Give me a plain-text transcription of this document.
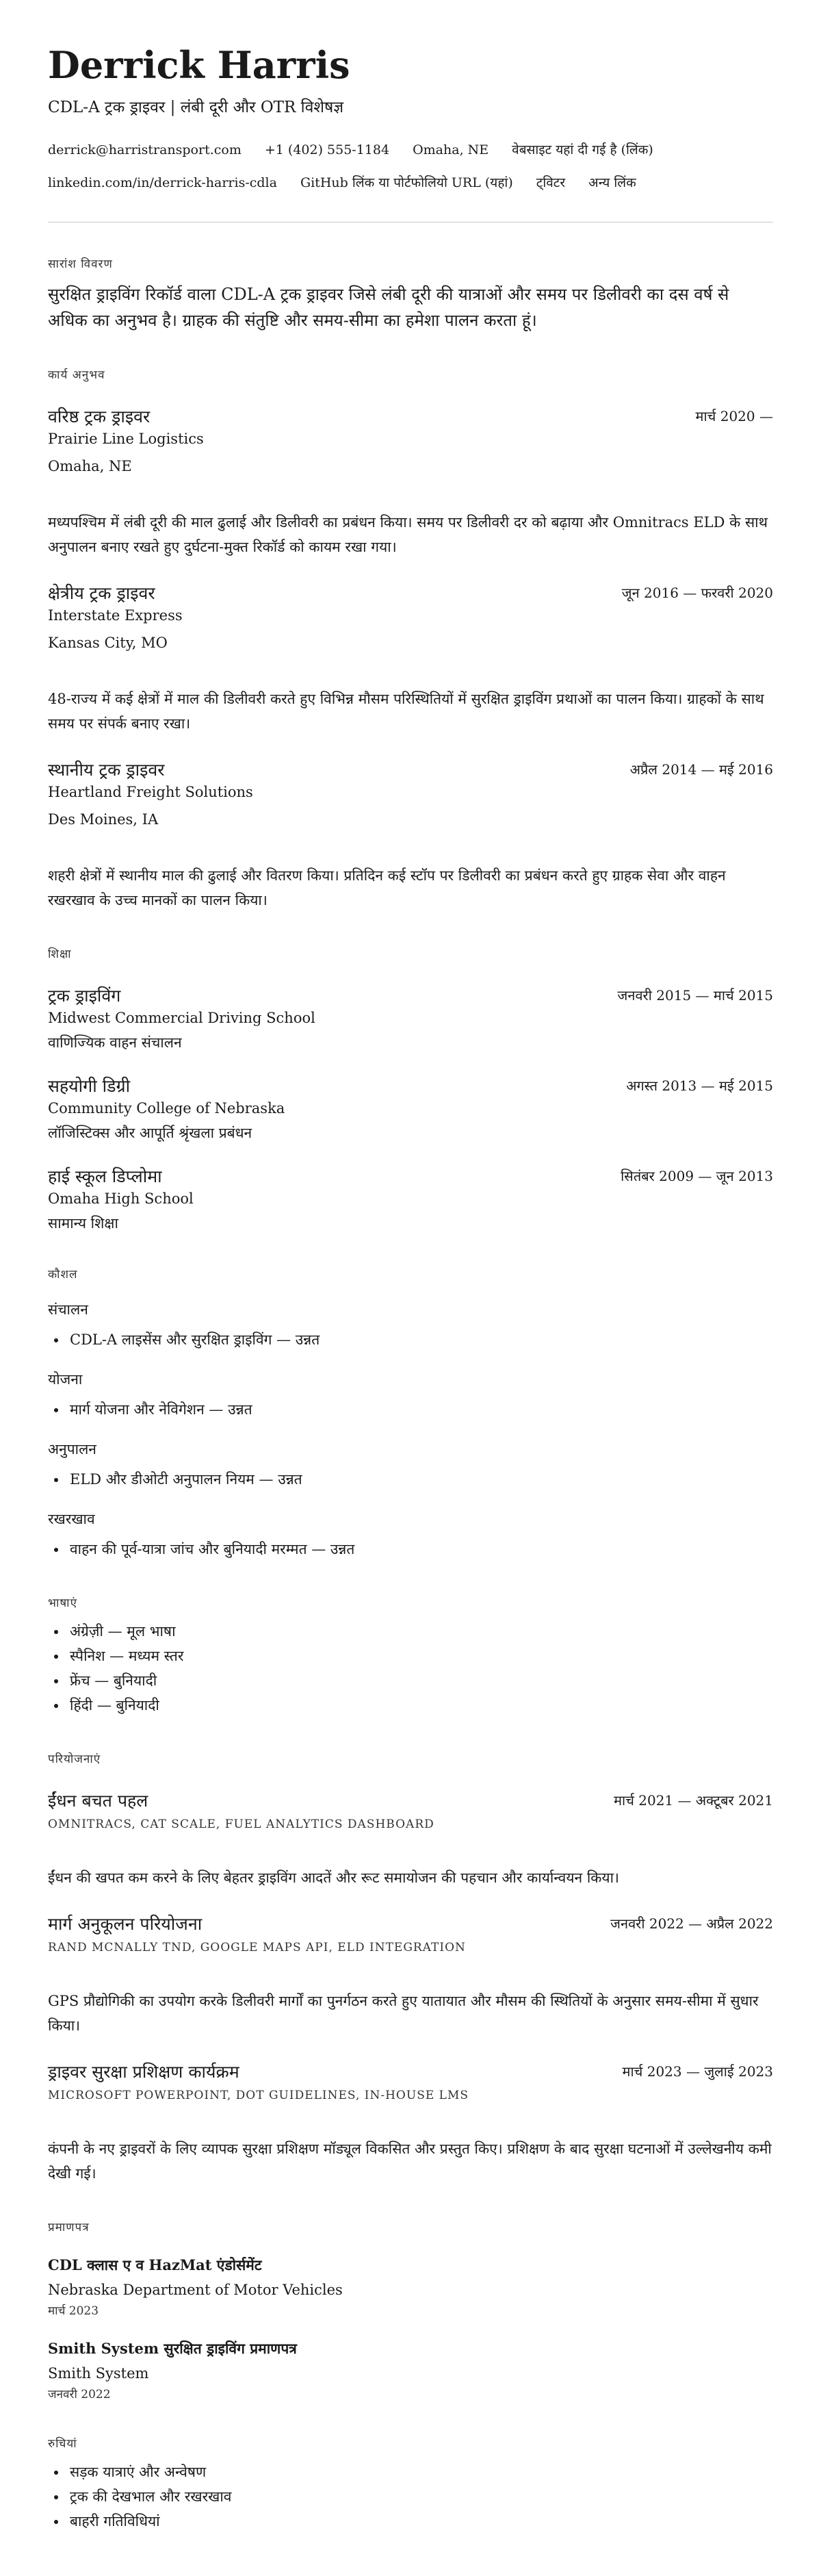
Derrick Harris
CDL-A ट्रक ड्राइवर | लंबी दूरी और OTR विशेषज्ञ
derrick@harristransport.com +1 (402) 555-1184 Omaha, NE वेबसाइट यहां दी गई है (लिंक)
linkedin.com/in/derrick-harris-cdla GitHub लिंक या पोर्टफोलियो URL (यहां) ट्विटर अन्य लिंक
सारांश विवरण
सुरक्षित ड्राइविंग रिकॉर्ड वाला CDL-A ट्रक ड्राइवर जिसे लंबी दूरी की यात्राओं और समय पर डिलीवरी का दस वर्ष से अधिक का अनुभव है। ग्राहक की संतुष्टि और समय-सीमा का हमेशा पालन करता हूं।
कार्य अनुभव
वरिष्ठ ट्रक ड्राइवर	मार्च 2020 —
Prairie Line Logistics
Omaha, NE
मध्यपश्चिम में लंबी दूरी की माल ढुलाई और डिलीवरी का प्रबंधन किया। समय पर डिलीवरी दर को बढ़ाया और Omnitracs ELD के साथ अनुपालन बनाए रखते हुए दुर्घटना-मुक्त रिकॉर्ड को कायम रखा गया।
क्षेत्रीय ट्रक ड्राइवर	जून 2016 — फरवरी 2020
Interstate Express
Kansas City, MO
48-राज्य में कई क्षेत्रों में माल की डिलीवरी करते हुए विभिन्न मौसम परिस्थितियों में सुरक्षित ड्राइविंग प्रथाओं का पालन किया। ग्राहकों के साथ समय पर संपर्क बनाए रखा।
स्थानीय ट्रक ड्राइवर	अप्रैल 2014 — मई 2016
Heartland Freight Solutions
Des Moines, IA
शहरी क्षेत्रों में स्थानीय माल की ढुलाई और वितरण किया। प्रतिदिन कई स्टॉप पर डिलीवरी का प्रबंधन करते हुए ग्राहक सेवा और वाहन रखरखाव के उच्च मानकों का पालन किया।
शिक्षा
ट्रक ड्राइविंग	जनवरी 2015 — मार्च 2015
Midwest Commercial Driving School
वाणिज्यिक वाहन संचालन
सहयोगी डिग्री	अगस्त 2013 — मई 2015
Community College of Nebraska
लॉजिस्टिक्स और आपूर्ति श्रृंखला प्रबंधन
हाई स्कूल डिप्लोमा	सितंबर 2009 — जून 2013
Omaha High School
सामान्य शिक्षा
कौशल
संचालन
• CDL-A लाइसेंस और सुरक्षित ड्राइविंग — उन्नत
योजना
• मार्ग योजना और नेविगेशन — उन्नत
अनुपालन
• ELD और डीओटी अनुपालन नियम — उन्नत
रखरखाव
• वाहन की पूर्व-यात्रा जांच और बुनियादी मरम्मत — उन्नत
भाषाएं
• अंग्रेज़ी — मूल भाषा
• स्पैनिश — मध्यम स्तर
• फ्रेंच — बुनियादी
• हिंदी — बुनियादी
परियोजनाएं
ईंधन बचत पहल	मार्च 2021 — अक्टूबर 2021
OMNITRACS, CAT SCALE, FUEL ANALYTICS DASHBOARD
ईंधन की खपत कम करने के लिए बेहतर ड्राइविंग आदतें और रूट समायोजन की पहचान और कार्यान्वयन किया।
मार्ग अनुकूलन परियोजना	जनवरी 2022 — अप्रैल 2022
RAND MCNALLY TND, GOOGLE MAPS API, ELD INTEGRATION
GPS प्रौद्योगिकी का उपयोग करके डिलीवरी मार्गों का पुनर्गठन करते हुए यातायात और मौसम की स्थितियों के अनुसार समय-सीमा में सुधार किया।
ड्राइवर सुरक्षा प्रशिक्षण कार्यक्रम	मार्च 2023 — जुलाई 2023
MICROSOFT POWERPOINT, DOT GUIDELINES, IN-HOUSE LMS
कंपनी के नए ड्राइवरों के लिए व्यापक सुरक्षा प्रशिक्षण मॉड्यूल विकसित और प्रस्तुत किए। प्रशिक्षण के बाद सुरक्षा घटनाओं में उल्लेखनीय कमी देखी गई।
प्रमाणपत्र
CDL क्लास ए व HazMat एंडोर्समेंट
Nebraska Department of Motor Vehicles
मार्च 2023
Smith System सुरक्षित ड्राइविंग प्रमाणपत्र
Smith System
जनवरी 2022
रुचियां
• सड़क यात्राएं और अन्वेषण
• ट्रक की देखभाल और रखरखाव
• बाहरी गतिविधियां
